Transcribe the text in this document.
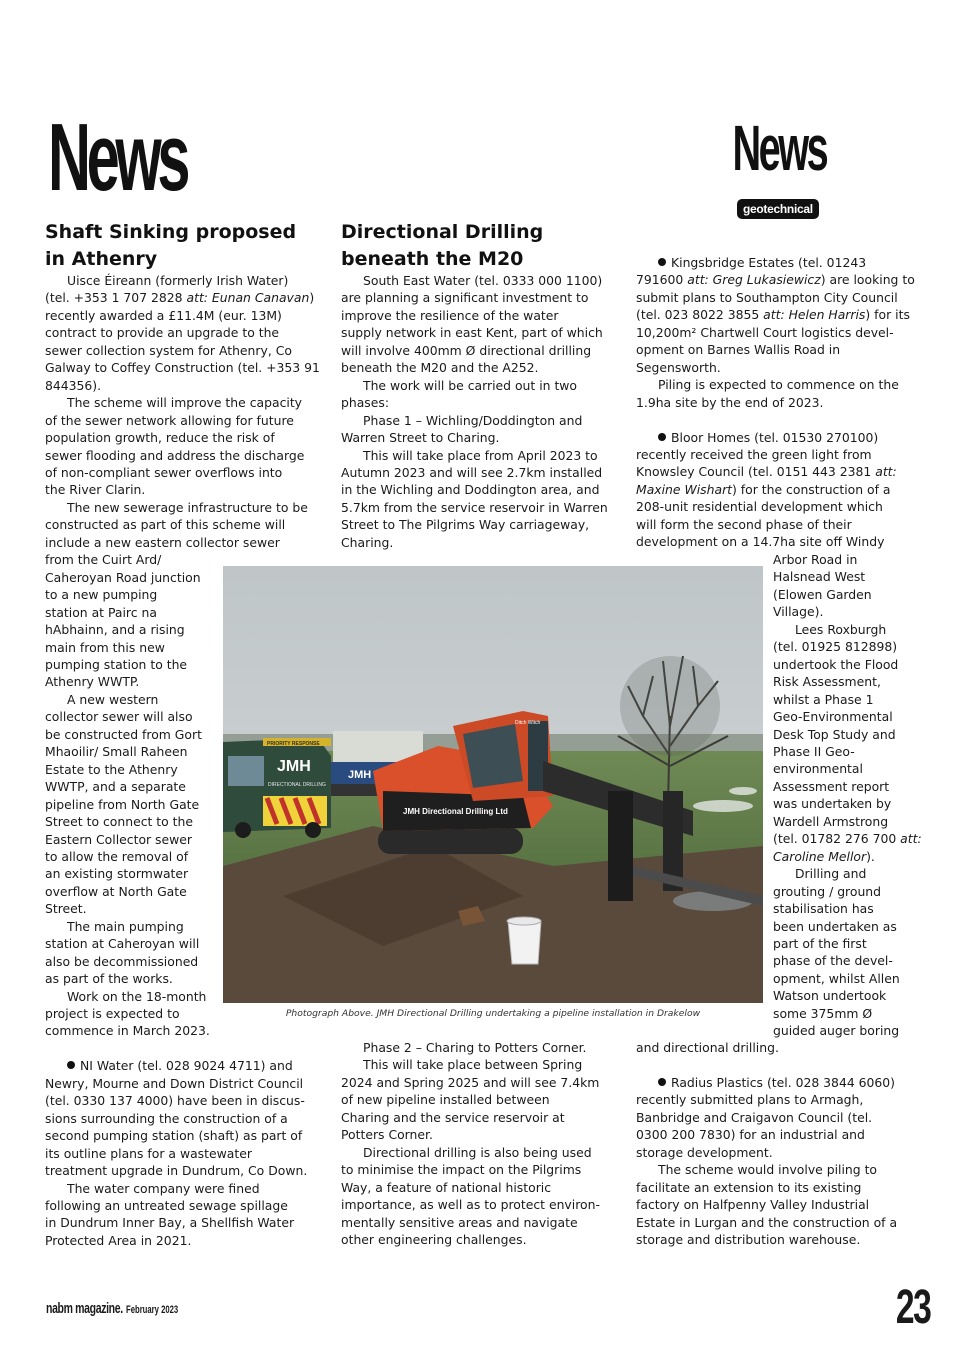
News	News
geotechnical
Shaft Sinking proposed
in Athenry

Uisce Éireann (formerly Irish Water)
(tel. +353 1 707 2828 att: Eunan Canavan)
recently awarded a £11.4M (eur. 13M)
contract to provide an upgrade to the
sewer collection system for Athenry, Co
Galway to Coffey Construction (tel. +353 91
844356).

The scheme will improve the capacity
of the sewer network allowing for future
population growth, reduce the risk of
sewer flooding and address the discharge
of non-compliant sewer overflows into
the River Clarin.

The new sewerage infrastructure to be
constructed as part of this scheme will
include a new eastern collector sewer
from the Cuirt Ard/
Caheroyan Road junction
to a new pumping
station at Pairc na
hAbhainn, and a rising
main from this new
pumping station to the
Athenry WWTP.

A new western
collector sewer will also
be constructed from Gort
Mhaoilir/ Small Raheen
Estate to the Athenry
WWTP, and a separate
pipeline from North Gate
Street to connect to the
Eastern Collector sewer
to allow the removal of
an existing stormwater
overflow at North Gate
Street.

The main pumping
station at Caheroyan will
also be decommissioned
as part of the works.

Work on the 18-month
project is expected to
commence in March 2023.

NI Water (tel. 028 9024 4711) and
Newry, Mourne and Down District Council
(tel. 0330 137 4000) have been in discus-
sions surrounding the construction of a
second pumping station (shaft) as part of
its outline plans for a wastewater
treatment upgrade in Dundrum, Co Down.

The water company were fined
following an untreated sewage spillage
in Dundrum Inner Bay, a Shellfish Water
Protected Area in 2021.

Directional Drilling
beneath the M20

South East Water (tel. 0333 000 1100)
are planning a significant investment to
improve the resilience of the water
supply network in east Kent, part of which
will involve 400mm Ø directional drilling
beneath the M20 and the A252.

The work will be carried out in two
phases:

Phase 1 – Wichling/Doddington and
Warren Street to Charing.

This will take place from April 2023 to
Autumn 2023 and will see 2.7km installed
in the Wichling and Doddington area, and
5.7km from the service reservoir in Warren
Street to The Pilgrims Way carriageway,
Charing.

Phase 2 – Charing to Potters Corner.

This will take place between Spring
2024 and Spring 2025 and will see 7.4km
of new pipeline installed between
Charing and the service reservoir at
Potters Corner.

Directional drilling is also being used
to minimise the impact on the Pilgrims
Way, a feature of national historic
importance, as well as to protect environ-
mentally sensitive areas and navigate
other engineering challenges.

Kingsbridge Estates (tel. 01243
791600 att: Greg Lukasiewicz) are looking to
submit plans to Southampton City Council
(tel. 023 8022 3855 att: Helen Harris) for its
10,200m² Chartwell Court logistics devel-
opment on Barnes Wallis Road in
Segensworth.

Piling is expected to commence on the
1.9ha site by the end of 2023.

Bloor Homes (tel. 01530 270100)
recently received the green light from
Knowsley Council (tel. 0151 443 2381 att:
Maxine Wishart) for the construction of a
208-unit residential development which
will form the second phase of their
development on a 14.7ha site off Windy

Arbor Road in
Halsnead West
(Elowen Garden
Village).

Lees Roxburgh
(tel. 01925 812898)
undertook the Flood
Risk Assessment,
whilst a Phase 1
Geo-Environmental
Desk Top Study and
Phase II Geo-
environmental
Assessment report
was undertaken by
Wardell Armstrong
(tel. 01782 276 700 att:
Caroline Mellor).

Drilling and
grouting / ground
stabilisation has
been undertaken as
part of the first
phase of the devel-
opment, whilst Allen
Watson undertook
some 375mm Ø
guided auger boring

and directional drilling.

Radius Plastics (tel. 028 3844 6060)
recently submitted plans to Armagh,
Banbridge and Craigavon Council (tel.
0300 200 7830) for an industrial and
storage development.

The scheme would involve piling to
facilitate an extension to its existing
factory on Halfpenny Valley Industrial
Estate in Lurgan and the construction of a
storage and distribution warehouse.

JMH
DIRECTIONAL DRILLING
PRIORITY RESPONSE
JMH
JMH Directional Drilling Ltd
Ditch Witch
Photograph Above. JMH Directional Drilling undertaking a pipeline installation in Drakelow
nabm magazine. February 2023	23
